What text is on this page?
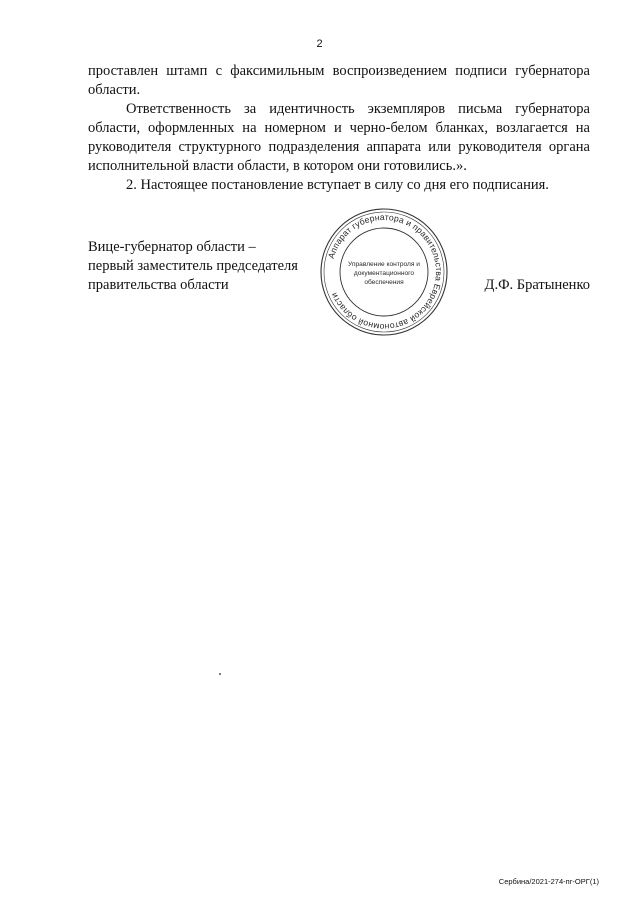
2

проставлен штамп с факсимильным воспроизведением подписи губернатора области.

Ответственность за идентичность экземпляров письма губернатора области, оформленных на номерном и черно-белом бланках, возлагается на руководителя структурного подразделения аппарата или руководителя органа исполнительной власти области, в котором они готовились.».

2. Настоящее постановление вступает в силу со дня его подписания.

Вице-губернатор области –
первый заместитель председателя
правительства области
Аппарат губернатора и правительства Еврейской автономной области
Управление контроля и
документационного
обеспечения	Д.Ф. Братыненко
Сербина/2021-274-пг-ОРГ(1)
